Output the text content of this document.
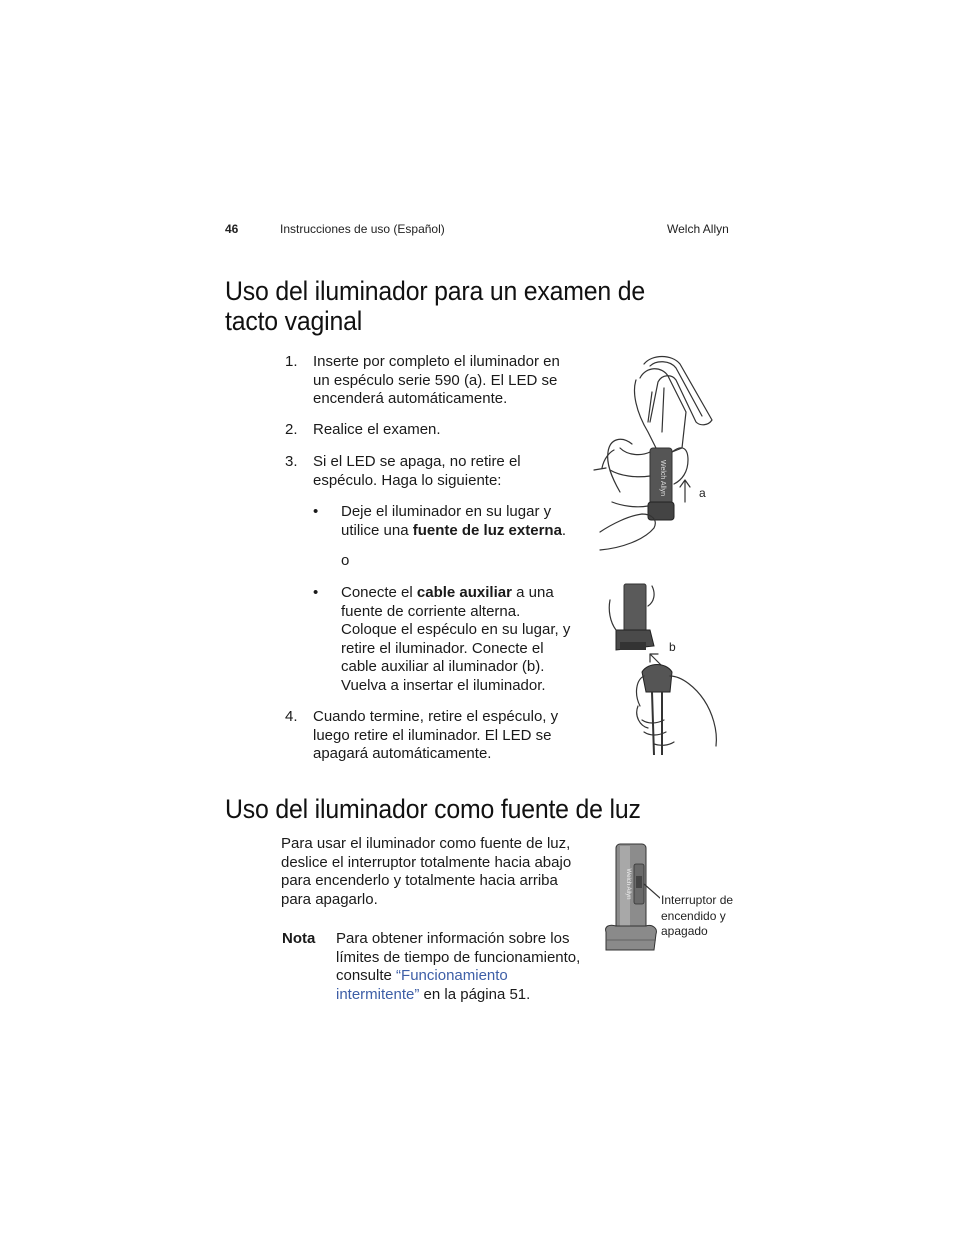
46	Instrucciones de uso (Español)	Welch Allyn
Uso del iluminador para un examen de
tacto vaginal
1. Inserte por completo el iluminador en
un espéculo serie 590 (a). El LED se
encenderá automáticamente.
2. Realice el examen.
3. Si el LED se apaga, no retire el
espéculo. Haga lo siguiente:
• Deje el iluminador en su lugar y
utilice una fuente de luz externa.
o
• Conecte el cable auxiliar a una
fuente de corriente alterna.
Coloque el espéculo en su lugar, y
retire el iluminador. Conecte el
cable auxiliar al iluminador (b).
Vuelva a insertar el iluminador.
4. Cuando termine, retire el espéculo, y
luego retire el iluminador. El LED se
apagará automáticamente.
Welch Allyn	a
b
Uso del iluminador como fuente de luz
Para usar el iluminador como fuente de luz,
deslice el interruptor totalmente hacia abajo
para encenderlo y totalmente hacia arriba
para apagarlo.
Nota Para obtener información sobre los
límites de tiempo de funcionamiento,
consulte “Funcionamiento
intermitente” en la página 51.
Welch Allyn
Interruptor de
encendido y
apagado
